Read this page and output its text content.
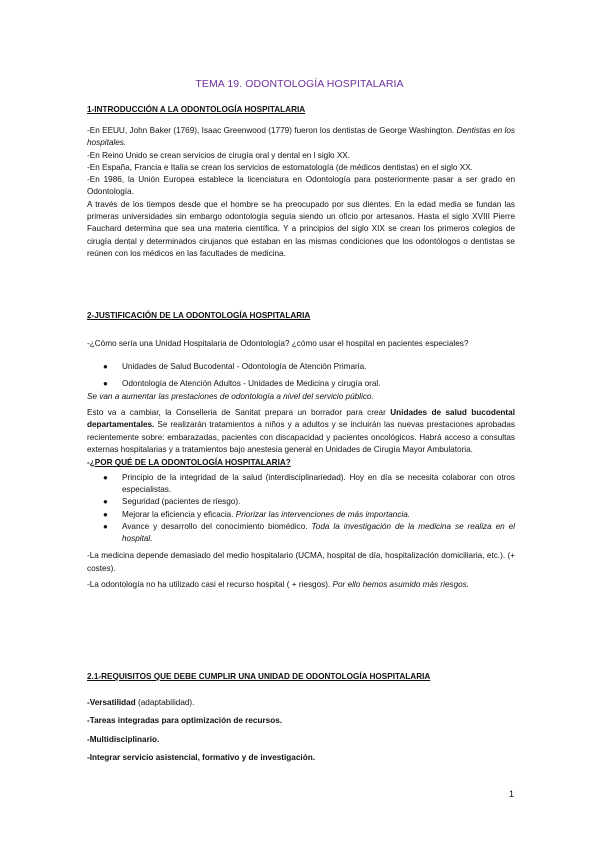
TEMA 19. ODONTOLOGÍA HOSPITALARIA

1-INTRODUCCIÓN A LA ODONTOLOGÍA HOSPITALARIA

-En EEUU, John Baker (1769), Isaac Greenwood (1779) fueron los dentistas de George Washington. Dentistas en los hospitales.

-En Reino Unido se crean servicios de cirugía oral y dental en l siglo XX.

-En España, Francia e Italia se crean los servicios de estomatología (de médicos dentistas) en el siglo XX.

-En 1986, la Unión Europea establece la licenciatura en Odontología para posteriormente pasar a ser grado en Odontología.

A través de los tiempos desde que el hombre se ha preocupado por sus dientes. En la edad media se fundan las primeras universidades sin embargo odontología seguía siendo un oficio por artesanos. Hasta el siglo XVIII Pierre Fauchard determina que sea una materia científica. Y a principios del siglo XIX se crean los primeros colegios de cirugía dental y determinados cirujanos que estaban en las mismas condiciones que los odontólogos o dentistas se reúnen con los médicos en las facultades de medicina.

2-JUSTIFICACIÓN DE LA ODONTOLOGÍA HOSPITALARIA

-¿Cómo sería una Unidad Hospitalaria de Odontología? ¿cómo usar el hospital en pacientes especiales?

● Unidades de Salud Bucodental - Odontología de Atención Primaria.
● Odontología de Atención Adultos - Unidades de Medicina y cirugía oral.

Se van a aumentar las prestaciones de odontología a nivel del servicio público.

Esto va a cambiar, la Conselleria de Sanitat prepara un borrador para crear Unidades de salud bucodental departamentales. Se realizarán tratamientos a niños y a adultos y se incluirán las nuevas prestaciones aprobadas recientemente sobre: embarazadas, pacientes con discapacidad y pacientes oncológicos. Habrá acceso a consultas externas hospitalarias y a tratamientos bajo anestesia general en Unidades de Cirugía Mayor Ambulatoria.

-¿POR QUÉ DE LA ODONTOLOGÍA HOSPITALARIA?

● Principio de la integridad de la salud (interdisciplinariedad). Hoy en día se necesita colaborar con otros especialistas.
● Seguridad (pacientes de riesgo).
● Mejorar la eficiencia y eficacia. Priorizar las intervenciones de más importancia.
● Avance y desarrollo del conocimiento biomédico. Toda la investigación de la medicina se realiza en el hospital.

-La medicina depende demasiado del medio hospitalario (UCMA, hospital de día, hospitalización domiciliaria, etc.). (+ costes).

-La odontología no ha utilizado casi el recurso hospital ( + riesgos). Por ello hemos asumido más riesgos.

2.1-REQUISITOS QUE DEBE CUMPLIR UNA UNIDAD DE ODONTOLOGÍA HOSPITALARIA

-Versatilidad (adaptabilidad).

-Tareas integradas para optimización de recursos.

-Multidisciplinario.

-Integrar servicio asistencial, formativo y de investigación.

1
